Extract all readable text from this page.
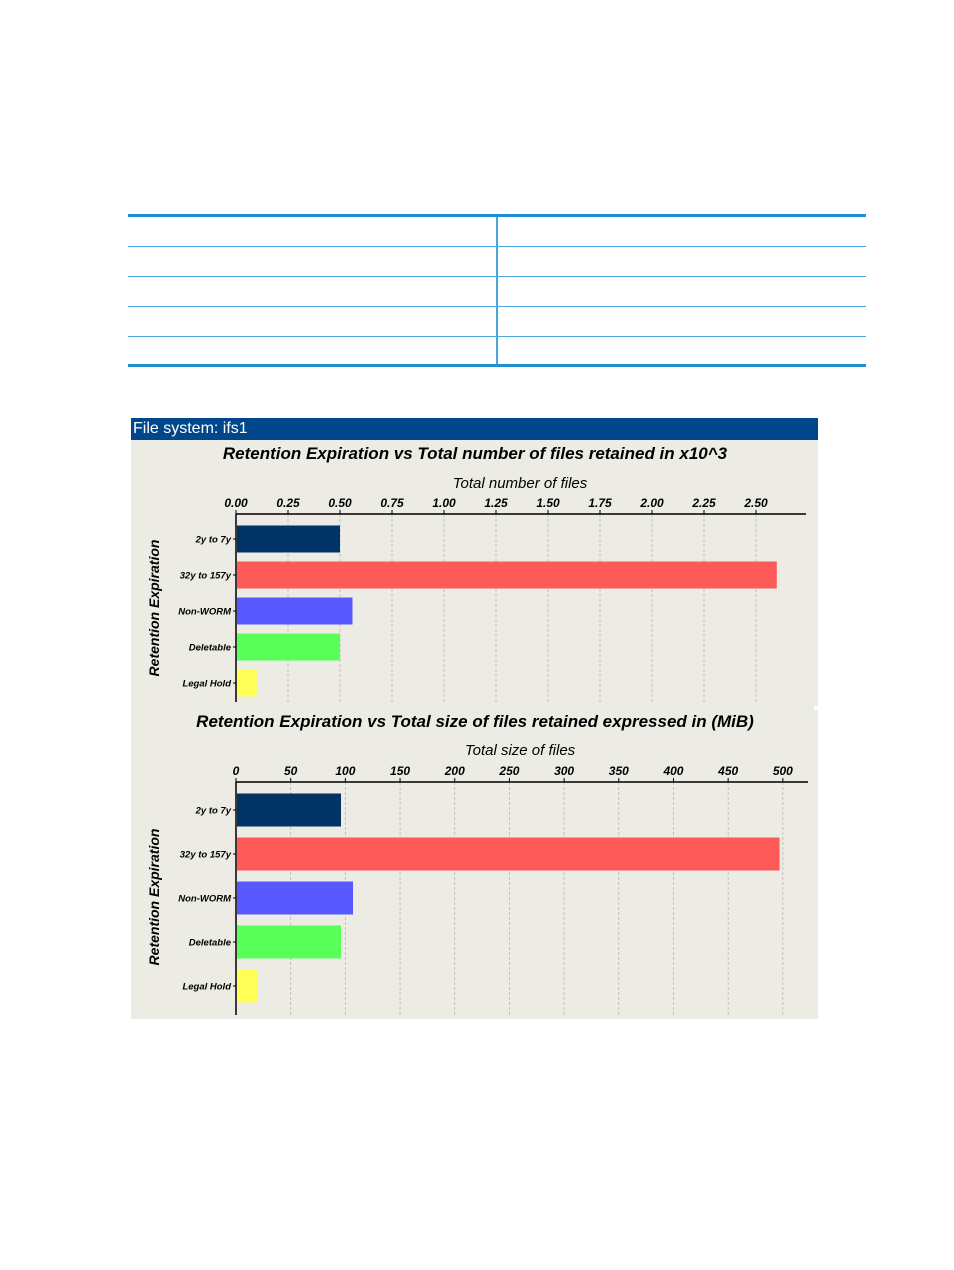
File system: ifs1
Retention Expiration vs Total number of files retained in x10^3
Total number of files
Retention Expiration
0.00 0.25 0.50 0.75 1.00 1.25 1.50 1.75 2.00 2.25 2.50
2y to 7y
32y to 157y
Non-WORM
Deletable
Legal Hold
Retention Expiration vs Total size of files retained expressed in (MiB)
Total size of files
Retention Expiration
0	50	100	150	200	250	300	350	400	450	500
2y to 7y
32y to 157y
Non-WORM
Deletable
Legal Hold
